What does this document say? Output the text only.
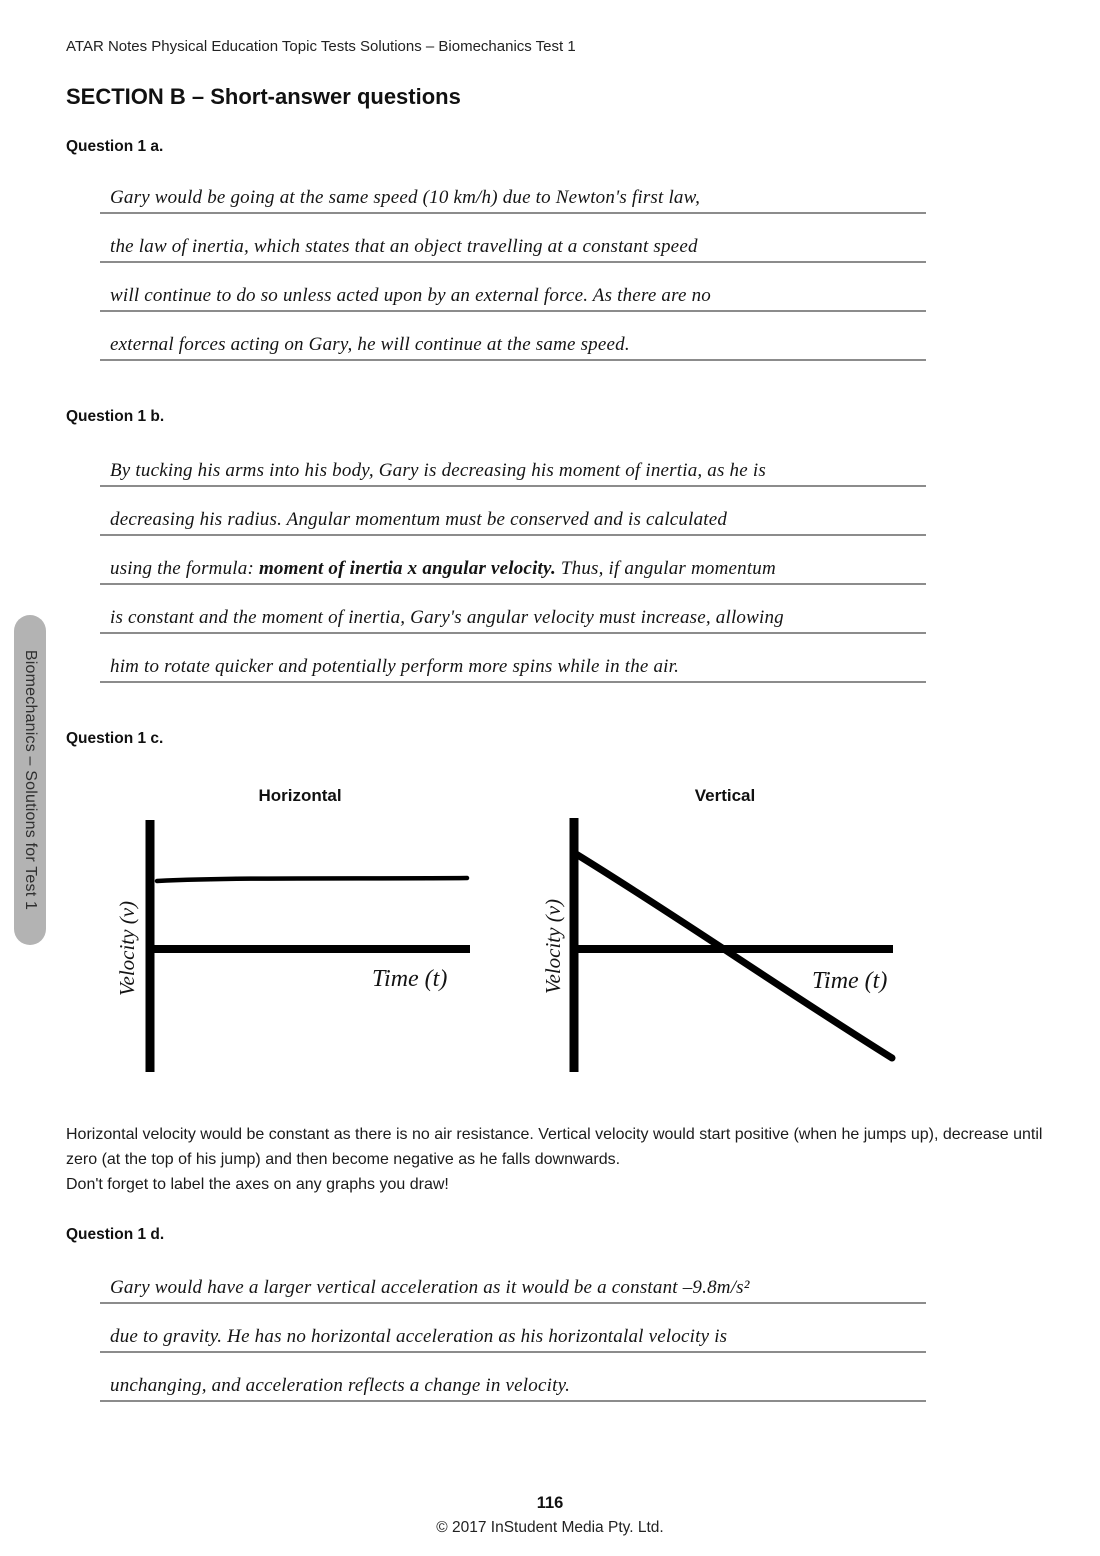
Biomechanics – Solutions for Test 1
ATAR Notes Physical Education Topic Tests Solutions – Biomechanics Test 1
SECTION B – Short-answer questions
Question 1 a.
Gary would be going at the same speed (10 km/h) due to Newton's first law,
the law of inertia, which states that an object travelling at a constant speed
will continue to do so unless acted upon by an external force. As there are no
external forces acting on Gary, he will continue at the same speed.
Question 1 b.
By tucking his arms into his body, Gary is decreasing his moment of inertia, as he is
decreasing his radius. Angular momentum must be conserved and is calculated
using the formula: moment of inertia x angular velocity. Thus, if angular momentum
is constant and the moment of inertia, Gary's angular velocity must increase, allowing
him to rotate quicker and potentially perform more spins while in the air.
Question 1 c.
Horizontal
Time (t)
Velocity (v)
Vertical
Time (t)
Velocity (v)
Horizontal velocity would be constant as there is no air resistance. Vertical velocity would start positive (when he jumps up), decrease until zero (at the top of his jump) and then become negative as he falls downwards.
Don't forget to label the axes on any graphs you draw!
Question 1 d.
Gary would have a larger vertical acceleration as it would be a constant –9.8m/s²
due to gravity. He has no horizontal acceleration as his horizontalal velocity is
unchanging, and acceleration reflects a change in velocity.
116
© 2017 InStudent Media Pty. Ltd.
